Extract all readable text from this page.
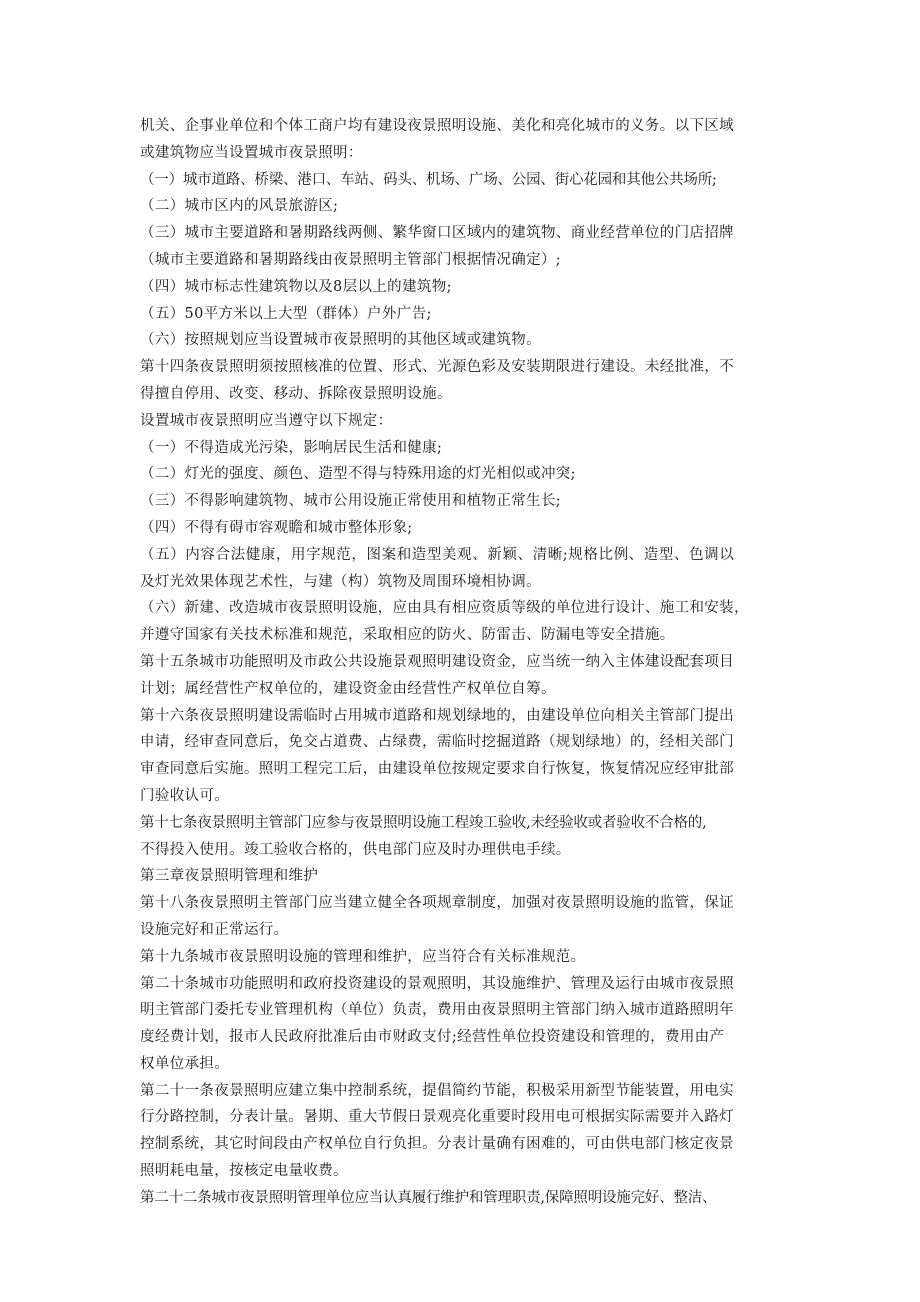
机关、企事业单位和个体工商户均有建设夜景照明设施、美化和亮化城市的义务。以下区域
或建筑物应当设置城市夜景照明：
（一）城市道路、桥梁、港口、车站、码头、机场、广场、公园、街心花园和其他公共场所;
（二）城市区内的风景旅游区;
（三）城市主要道路和暑期路线两侧、繁华窗口区域内的建筑物、商业经营单位的门店招牌
（城市主要道路和暑期路线由夜景照明主管部门根据情况确定）;
（四）城市标志性建筑物以及8层以上的建筑物;
（五）50平方米以上大型（群体）户外广告;
（六）按照规划应当设置城市夜景照明的其他区域或建筑物。
第十四条夜景照明须按照核准的位置、形式、光源色彩及安装期限进行建设。未经批准，不
得擅自停用、改变、移动、拆除夜景照明设施。
设置城市夜景照明应当遵守以下规定：
（一）不得造成光污染，影响居民生活和健康;
（二）灯光的强度、颜色、造型不得与特殊用途的灯光相似或冲突;
（三）不得影响建筑物、城市公用设施正常使用和植物正常生长;
（四）不得有碍市容观瞻和城市整体形象;
（五）内容合法健康，用字规范，图案和造型美观、新颖、清晰;规格比例、造型、色调以
及灯光效果体现艺术性，与建（构）筑物及周围环境相协调。
（六）新建、改造城市夜景照明设施，应由具有相应资质等级的单位进行设计、施工和安装，
并遵守国家有关技术标准和规范，采取相应的防火、防雷击、防漏电等安全措施。
第十五条城市功能照明及市政公共设施景观照明建设资金，应当统一纳入主体建设配套项目
计划；属经营性产权单位的，建设资金由经营性产权单位自筹。
第十六条夜景照明建设需临时占用城市道路和规划绿地的，由建设单位向相关主管部门提出
申请，经审查同意后，免交占道费、占绿费，需临时挖掘道路（规划绿地）的，经相关部门
审查同意后实施。照明工程完工后，由建设单位按规定要求自行恢复，恢复情况应经审批部
门验收认可。
第十七条夜景照明主管部门应参与夜景照明设施工程竣工验收,未经验收或者验收不合格的,
不得投入使用。竣工验收合格的，供电部门应及时办理供电手续。
第三章夜景照明管理和维护
第十八条夜景照明主管部门应当建立健全各项规章制度，加强对夜景照明设施的监管，保证
设施完好和正常运行。
第十九条城市夜景照明设施的管理和维护，应当符合有关标准规范。
第二十条城市功能照明和政府投资建设的景观照明，其设施维护、管理及运行由城市夜景照
明主管部门委托专业管理机构（单位）负责，费用由夜景照明主管部门纳入城市道路照明年
度经费计划，报市人民政府批准后由市财政支付;经营性单位投资建设和管理的，费用由产
权单位承担。
第二十一条夜景照明应建立集中控制系统，提倡简约节能，积极采用新型节能装置，用电实
行分路控制，分表计量。暑期、重大节假日景观亮化重要时段用电可根据实际需要并入路灯
控制系统，其它时间段由产权单位自行负担。分表计量确有困难的，可由供电部门核定夜景
照明耗电量，按核定电量收费。
第二十二条城市夜景照明管理单位应当认真履行维护和管理职责,保障照明设施完好、整洁、
